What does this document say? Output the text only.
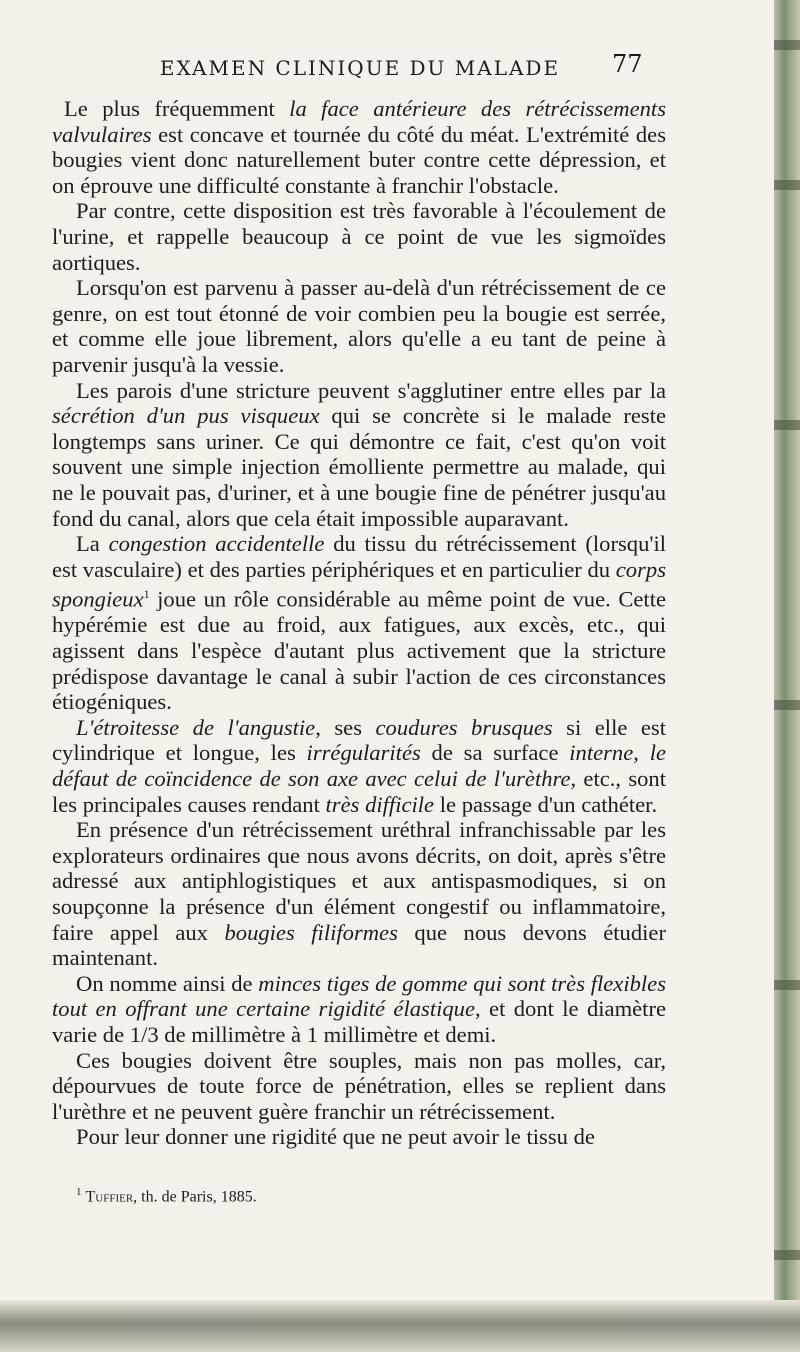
EXAMEN CLINIQUE DU MALADE	77

Le plus fréquemment la face antérieure des rétrécissements valvulaires est concave et tournée du côté du méat. L'extrémité des bougies vient donc naturellement buter contre cette dépression, et on éprouve une difficulté constante à franchir l'obstacle.

Par contre, cette disposition est très favorable à l'écoulement de l'urine, et rappelle beaucoup à ce point de vue les sigmoïdes aortiques.

Lorsqu'on est parvenu à passer au-delà d'un rétrécissement de ce genre, on est tout étonné de voir combien peu la bougie est serrée, et comme elle joue librement, alors qu'elle a eu tant de peine à parvenir jusqu'à la vessie.

Les parois d'une stricture peuvent s'agglutiner entre elles par la sécrétion d'un pus visqueux qui se concrète si le malade reste longtemps sans uriner. Ce qui démontre ce fait, c'est qu'on voit souvent une simple injection émolliente permettre au malade, qui ne le pouvait pas, d'uriner, et à une bougie fine de pénétrer jusqu'au fond du canal, alors que cela était impossible auparavant.

La congestion accidentelle du tissu du rétrécissement (lorsqu'il est vasculaire) et des parties périphériques et en particulier du corps spongieux$^1$ joue un rôle considérable au même point de vue. Cette hypérémie est due au froid, aux fatigues, aux excès, etc., qui agissent dans l'espèce d'autant plus activement que la stricture prédispose davantage le canal à subir l'action de ces circonstances étiogéniques.

L'étroitesse de l'angustie, ses coudures brusques si elle est cylindrique et longue, les irrégularités de sa surface interne, le défaut de coïncidence de son axe avec celui de l'urèthre, etc., sont les principales causes rendant très difficile le passage d'un cathéter.

En présence d'un rétrécissement uréthral infranchissable par les explorateurs ordinaires que nous avons décrits, on doit, après s'être adressé aux antiphlogistiques et aux antispasmodiques, si on soupçonne la présence d'un élément congestif ou inflammatoire, faire appel aux bougies filiformes que nous devons étudier maintenant.

On nomme ainsi de minces tiges de gomme qui sont très flexibles tout en offrant une certaine rigidité élastique, et dont le diamètre varie de 1/3 de millimètre à 1 millimètre et demi.

Ces bougies doivent être souples, mais non pas molles, car, dépourvues de toute force de pénétration, elles se replient dans l'urèthre et ne peuvent guère franchir un rétrécissement.

Pour leur donner une rigidité que ne peut avoir le tissu de

$^1$ Tuffier, th. de Paris, 1885.
